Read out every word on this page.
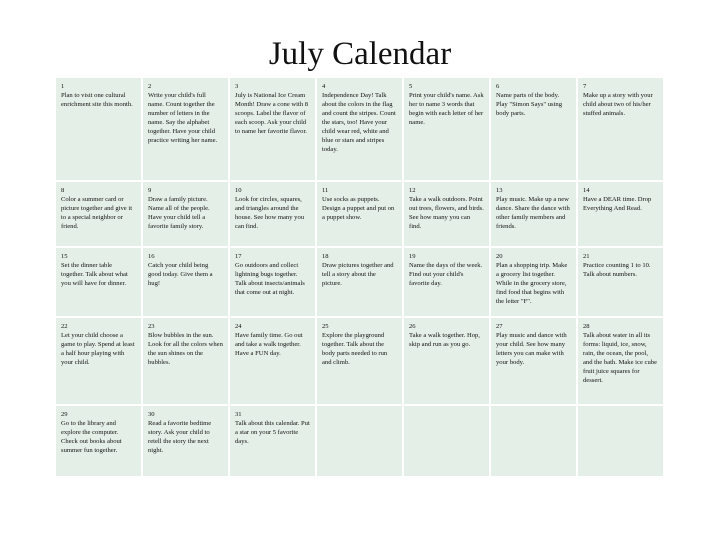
July Calendar
1
Plan to visit one cultural enrichment site this month.	2
Write your child's full name. Count together the number of letters in the name. Say the alphabet together. Have your child practice writing her name.	3
July is National Ice Cream Month! Draw a cone with 8 scoops. Label the flavor of each scoop. Ask your child to name her favorite flavor.	4
Independence Day! Talk about the colors in the flag and count the stripes. Count the stars, too! Have your child wear red, white and blue or stars and stripes today.	5
Print your child's name. Ask her to name 3 words that begin with each letter of her name.	6
Name parts of the body. Play "Simon Says" using body parts.	7
Make up a story with your child about two of his/her stuffed animals.

8
Color a summer card or picture together and give it to a special neighbor or friend.	9
Draw a family picture. Name all of the people. Have your child tell a favorite family story.	10
Look for circles, squares, and triangles around the house. See how many you can find.	11
Use socks as puppets. Design a puppet and put on a puppet show.	12
Take a walk outdoors. Point out trees, flowers, and birds. See how many you can find.	13
Play music. Make up a new dance. Share the dance with other family members and friends.	14
Have a DEAR time. Drop Everything And Read.

15
Set the dinner table together. Talk about what you will have for dinner.	16
Catch your child being good today. Give them a hug!	17
Go outdoors and collect lightning bugs together. Talk about insects/animals that come out at night.	18
Draw pictures together and tell a story about the picture.	19
Name the days of the week. Find out your child's favorite day.	20
Plan a shopping trip. Make a grocery list together. While in the grocery store, find food that begins with the letter "F".	21
Practice counting 1 to 10. Talk about numbers.

22
Let your child choose a game to play. Spend at least a half hour playing with your child.	23
Blow bubbles in the sun. Look for all the colors when the sun shines on the bubbles.	24
Have family time. Go out and take a walk together. Have a FUN day.	25
Explore the playground together. Talk about the body parts needed to run and climb.	26
Take a walk together. Hop, skip and run as you go.	27
Play music and dance with your child. See how many letters you can make with your body.	28
Talk about water in all its forms: liquid, ice, snow, rain, the ocean, the pool, and the bath. Make ice cube fruit juice squares for dessert.

29
Go to the library and explore the computer. Check out books about summer fun together.	30
Read a favorite bedtime story. Ask your child to retell the story the next night.	31
Talk about this calendar. Put a star on your 5 favorite days.				
